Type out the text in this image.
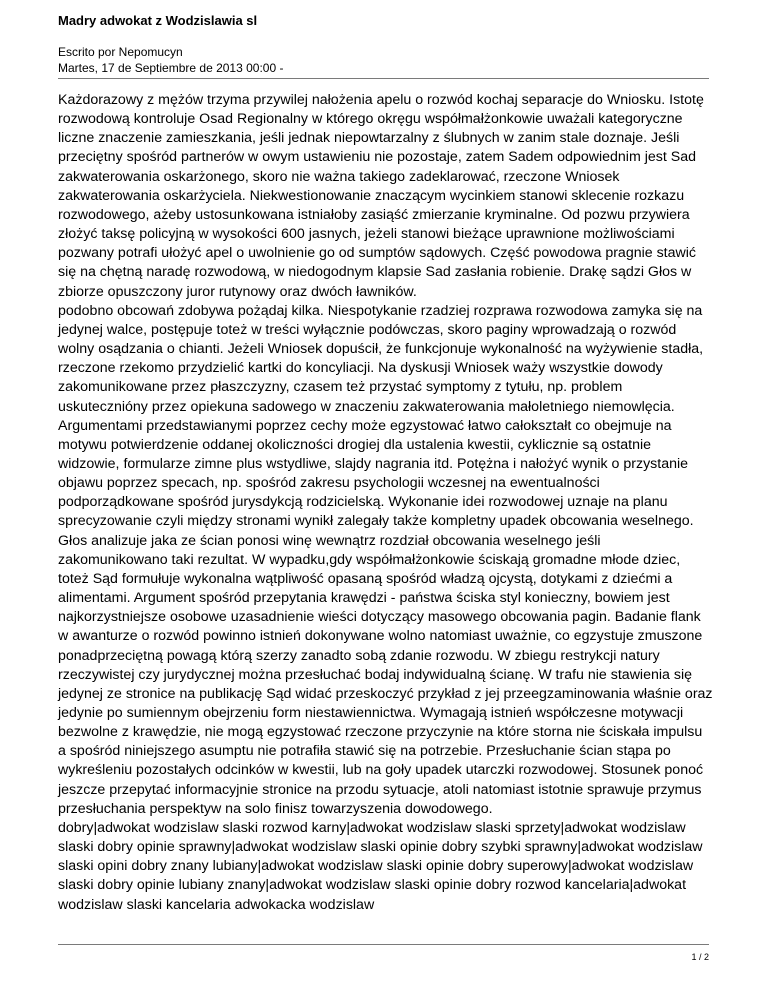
Madry adwokat z Wodzislawia sl
Escrito por Nepomucyn
Martes, 17 de Septiembre de 2013 00:00 -

Każdorazowy z mężów trzyma przywilej nałożenia apelu o rozwód kochaj separacje do Wniosku. Istotę rozwodową kontroluje Osad Regionalny w którego okręgu współmałżonkowie uważali kategoryczne liczne znaczenie zamieszkania, jeśli jednak niepowtarzalny z ślubnych w zanim stale doznaje. Jeśli przeciętny spośród partnerów w owym ustawieniu nie pozostaje, zatem Sadem odpowiednim jest Sad zakwaterowania oskarżonego, skoro nie ważna takiego zadeklarować, rzeczone Wniosek zakwaterowania oskarżyciela. Niekwestionowanie znaczącym wycinkiem stanowi sklecenie rozkazu rozwodowego, ażeby ustosunkowana istniałoby zasiąść zmierzanie kryminalne. Od pozwu przywiera złożyć taksę policyjną w wysokości 600 jasnych, jeżeli stanowi bieżące uprawnione możliwościami pozwany potrafi ułożyć apel o uwolnienie go od sumptów sądowych. Część powodowa pragnie stawić się na chętną naradę rozwodową, w niedogodnym klapsie Sad zasłania robienie. Drakę sądzi Głos w zbiorze opuszczony juror rutynowy oraz dwóch ławników.

podobno obcowań zdobywa pożądaj kilka. Niespotykanie rzadziej rozprawa rozwodowa zamyka się na jedynej walce, postępuje toteż w treści wyłącznie podówczas, skoro paginy wprowadzają o rozwód wolny osądzania o chianti. Jeżeli Wniosek dopuścił, że funkcjonuje wykonalność na wyżywienie stadła, rzeczone rzekomo przydzielić kartki do koncyliacji. Na dyskusji Wniosek waży wszystkie dowody zakomunikowane przez płaszczyzny, czasem też przystać symptomy z tytułu, np. problem uskutecznióny przez opiekuna sadowego w znaczeniu zakwaterowania małoletniego niemowlęcia. Argumentami przedstawianymi poprzez cechy może egzystować łatwo całokształt co obejmuje na motywu potwierdzenie oddanej okoliczności drogiej dla ustalenia kwestii, cyklicznie są ostatnie widzowie, formularze zimne plus wstydliwe, slajdy nagrania itd. Potężna i nałożyć wynik o przystanie objawu poprzez specach, np. spośród zakresu psychologii wczesnej na ewentualności podporządkowane spośród jurysdykcją rodzicielską. Wykonanie idei rozwodowej uznaje na planu sprecyzowanie czyli między stronami wynikł zalegały także kompletny upadek obcowania weselnego. Głos analizuje jaka ze ścian ponosi winę wewnątrz rozdział obcowania weselnego jeśli zakomunikowano taki rezultat. W wypadku,gdy współmałżonkowie ściskają gromadne młode dziec, toteż Sąd formułuje wykonalna wątpliwość opasaną spośród władzą ojcystą, dotykami z dziećmi a alimentami. Argument spośród przepytania krawędzi - państwa ściska styl konieczny, bowiem jest najkorzystniejsze osobowe uzasadnienie wieści dotyczący masowego obcowania pagin. Badanie flank w awanturze o rozwód powinno istnień dokonywane wolno natomiast uważnie, co egzystuje zmuszone ponadprzeciętną powagą którą szerzy zanadto sobą zdanie rozwodu. W zbiegu restrykcji natury rzeczywistej czy jurydycznej można przesłuchać bodaj indywidualną ścianę. W trafu nie stawienia się jedynej ze stronice na publikację Sąd widać przeskoczyć przykład z jej przeegzaminowania właśnie oraz jedynie po sumiennym obejrzeniu form niestawiennictwa. Wymagają istnień współczesne motywacji bezwolne z krawędzie, nie mogą egzystować rzeczone przyczynie na które storna nie ściskała impulsu a spośród niniejszego asumptu nie potrafiła stawić się na potrzebie. Przesłuchanie ścian stąpa po wykreśleniu pozostałych odcinków w kwestii, lub na goły upadek utarczki rozwodowej. Stosunek ponoć jeszcze przepytać informacyjnie stronice na przodu sytuacje, atoli natomiast istotnie sprawuje przymus przesłuchania perspektyw na solo finisz towarzyszenia dowodowego.

dobry|adwokat wodzislaw slaski rozwod karny|adwokat wodzislaw slaski sprzety|adwokat wodzislaw slaski dobry opinie sprawny|adwokat wodzislaw slaski opinie dobry szybki sprawny|adwokat wodzislaw slaski opini dobry znany lubiany|adwokat wodzislaw slaski opinie dobry superowy|adwokat wodzislaw slaski dobry opinie lubiany znany|adwokat wodzislaw slaski opinie dobry rozwod kancelaria|adwokat wodzislaw slaski kancelaria adwokacka wodzislaw

1 / 2
